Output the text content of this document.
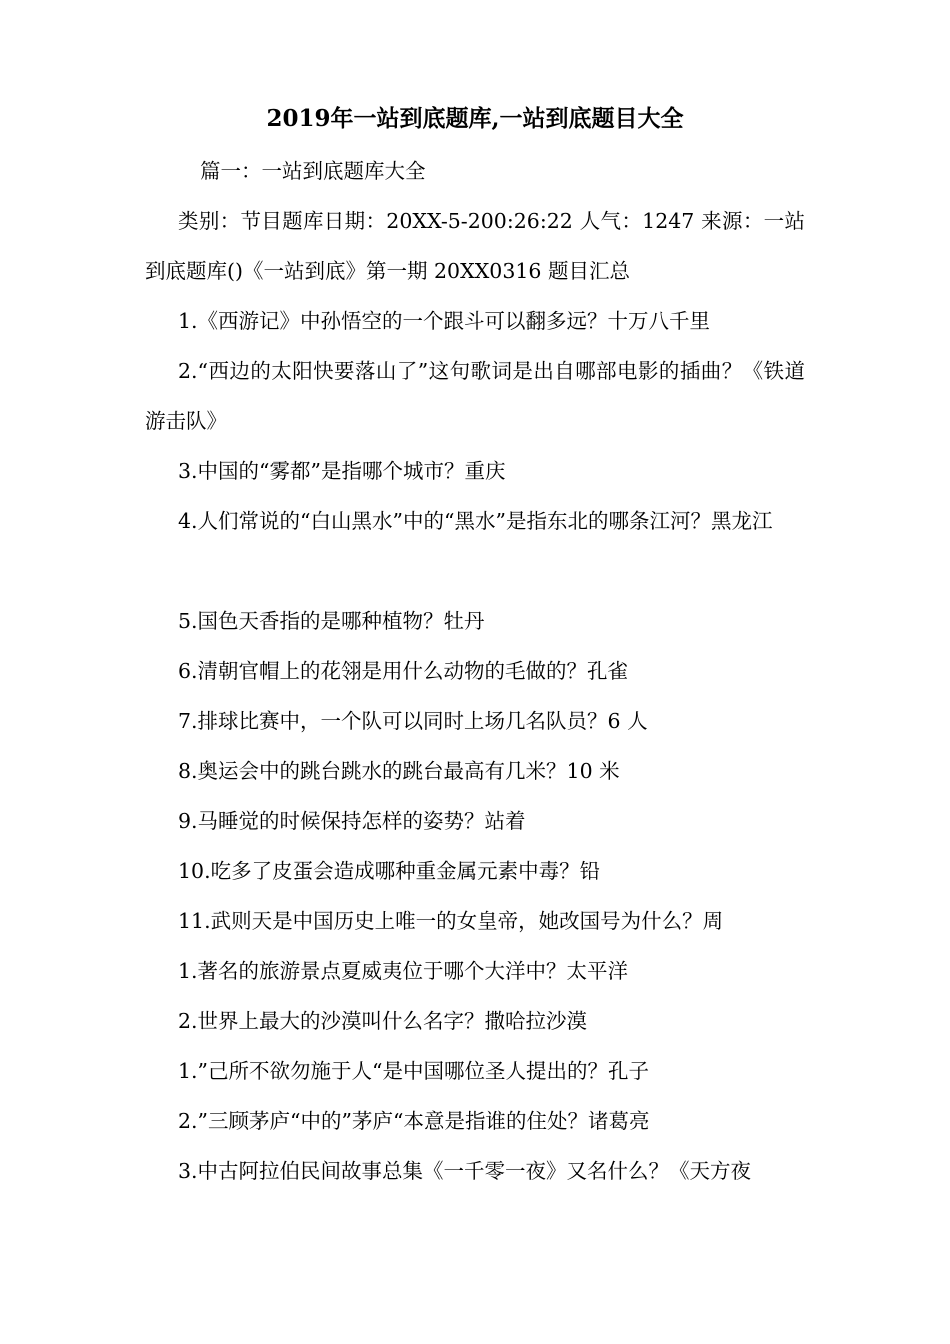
2019年一站到底题库,一站到底题目大全

篇一：一站到底题库大全

类别：节目题库日期：20XX-5-200:26:22 人气：1247 来源：一站到底题库()《一站到底》第一期 20XX0316 题目汇总

1.《西游记》中孙悟空的一个跟斗可以翻多远？十万八千里

2.“西边的太阳快要落山了”这句歌词是出自哪部电影的插曲？《铁道游击队》

3.中国的“雾都”是指哪个城市？重庆

4.人们常说的“白山黑水”中的“黑水”是指东北的哪条江河？黑龙江

5.国色天香指的是哪种植物？牡丹

6.清朝官帽上的花翎是用什么动物的毛做的？孔雀

7.排球比赛中，一个队可以同时上场几名队员？6 人

8.奥运会中的跳台跳水的跳台最高有几米？10 米

9.马睡觉的时候保持怎样的姿势？站着

10.吃多了皮蛋会造成哪种重金属元素中毒？铅

11.武则天是中国历史上唯一的女皇帝，她改国号为什么？周

1.著名的旅游景点夏威夷位于哪个大洋中？太平洋

2.世界上最大的沙漠叫什么名字？撒哈拉沙漠

1.”己所不欲勿施于人“是中国哪位圣人提出的？孔子

2.”三顾茅庐“中的”茅庐“本意是指谁的住处？诸葛亮

3.中古阿拉伯民间故事总集《一千零一夜》又名什么？《天方夜
